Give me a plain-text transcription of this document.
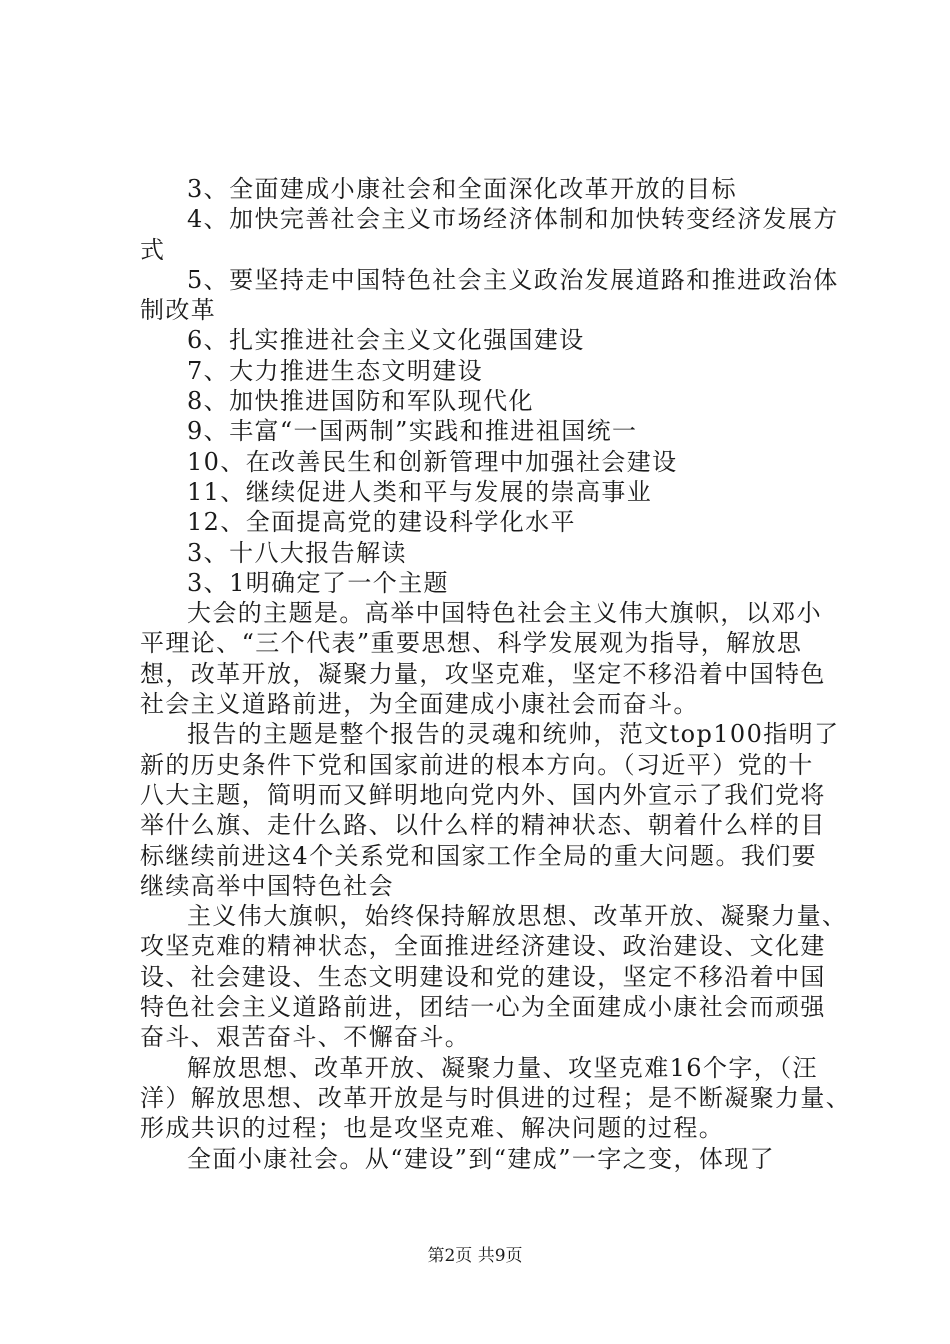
3、全面建成小康社会和全面深化改革开放的目标
4、加快完善社会主义市场经济体制和加快转变经济发展方
式
5、要坚持走中国特色社会主义政治发展道路和推进政治体
制改革
6、扎实推进社会主义文化强国建设
7、大力推进生态文明建设
8、加快推进国防和军队现代化
9、丰富“一国两制”实践和推进祖国统一
10、在改善民生和创新管理中加强社会建设
11、继续促进人类和平与发展的崇高事业
12、全面提高党的建设科学化水平
3、十八大报告解读
3、1明确定了一个主题
大会的主题是。高举中国特色社会主义伟大旗帜，以邓小
平理论、“三个代表”重要思想、科学发展观为指导，解放思
想，改革开放，凝聚力量，攻坚克难，坚定不移沿着中国特色
社会主义道路前进，为全面建成小康社会而奋斗。
报告的主题是整个报告的灵魂和统帅，范文top100指明了
新的历史条件下党和国家前进的根本方向。（习近平）党的十
八大主题，简明而又鲜明地向党内外、国内外宣示了我们党将
举什么旗、走什么路、以什么样的精神状态、朝着什么样的目
标继续前进这4个关系党和国家工作全局的重大问题。我们要
继续高举中国特色社会
主义伟大旗帜，始终保持解放思想、改革开放、凝聚力量、
攻坚克难的精神状态，全面推进经济建设、政治建设、文化建
设、社会建设、生态文明建设和党的建设，坚定不移沿着中国
特色社会主义道路前进，团结一心为全面建成小康社会而顽强
奋斗、艰苦奋斗、不懈奋斗。
解放思想、改革开放、凝聚力量、攻坚克难16个字，（汪
洋）解放思想、改革开放是与时俱进的过程；是不断凝聚力量、
形成共识的过程；也是攻坚克难、解决问题的过程。
全面小康社会。从“建设”到“建成”一字之变，体现了
第2页 共9页
